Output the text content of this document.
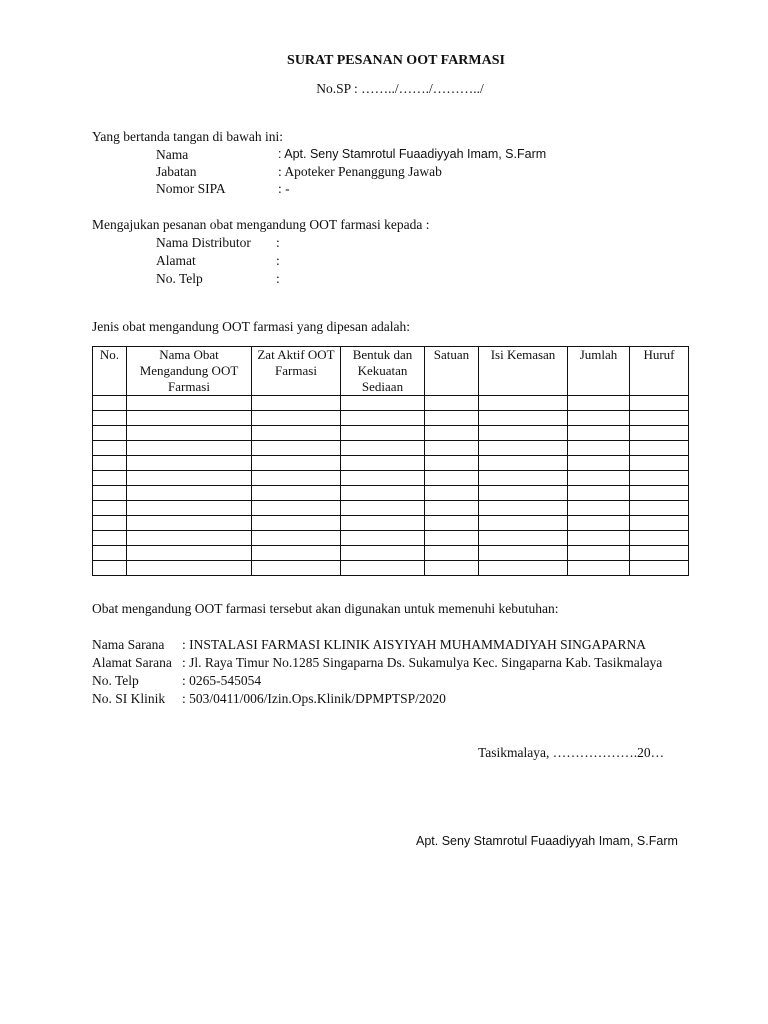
SURAT PESANAN OOT FARMASI
No.SP : ……../……./………../
Yang bertanda tangan di bawah ini:
Nama	: Apt. Seny Stamrotul Fuaadiyyah Imam, S.Farm
Jabatan	: Apoteker Penanggung Jawab
Nomor SIPA	: -
Mengajukan pesanan obat mengandung OOT farmasi kepada :
Nama Distributor :
Alamat	:
No. Telp	:
Jenis obat mengandung OOT farmasi yang dipesan adalah:
No.	Nama Obat Mengandung OOT Farmasi	Zat Aktif OOT Farmasi	Bentuk dan Kekuatan Sediaan	Satuan	Isi Kemasan	Jumlah	Huruf

Obat mengandung OOT farmasi tersebut akan digunakan untuk memenuhi kebutuhan:
Nama Sarana : INSTALASI FARMASI KLINIK AISYIYAH MUHAMMADIYAH SINGAPARNA
Alamat Sarana : Jl. Raya Timur No.1285 Singaparna Ds. Sukamulya Kec. Singaparna Kab. Tasikmalaya
No. Telp	: 0265-545054
No. SI Klinik : 503/0411/006/Izin.Ops.Klinik/DPMPTSP/2020
Tasikmalaya, ……………….20…
Apt. Seny Stamrotul Fuaadiyyah Imam, S.Farm
